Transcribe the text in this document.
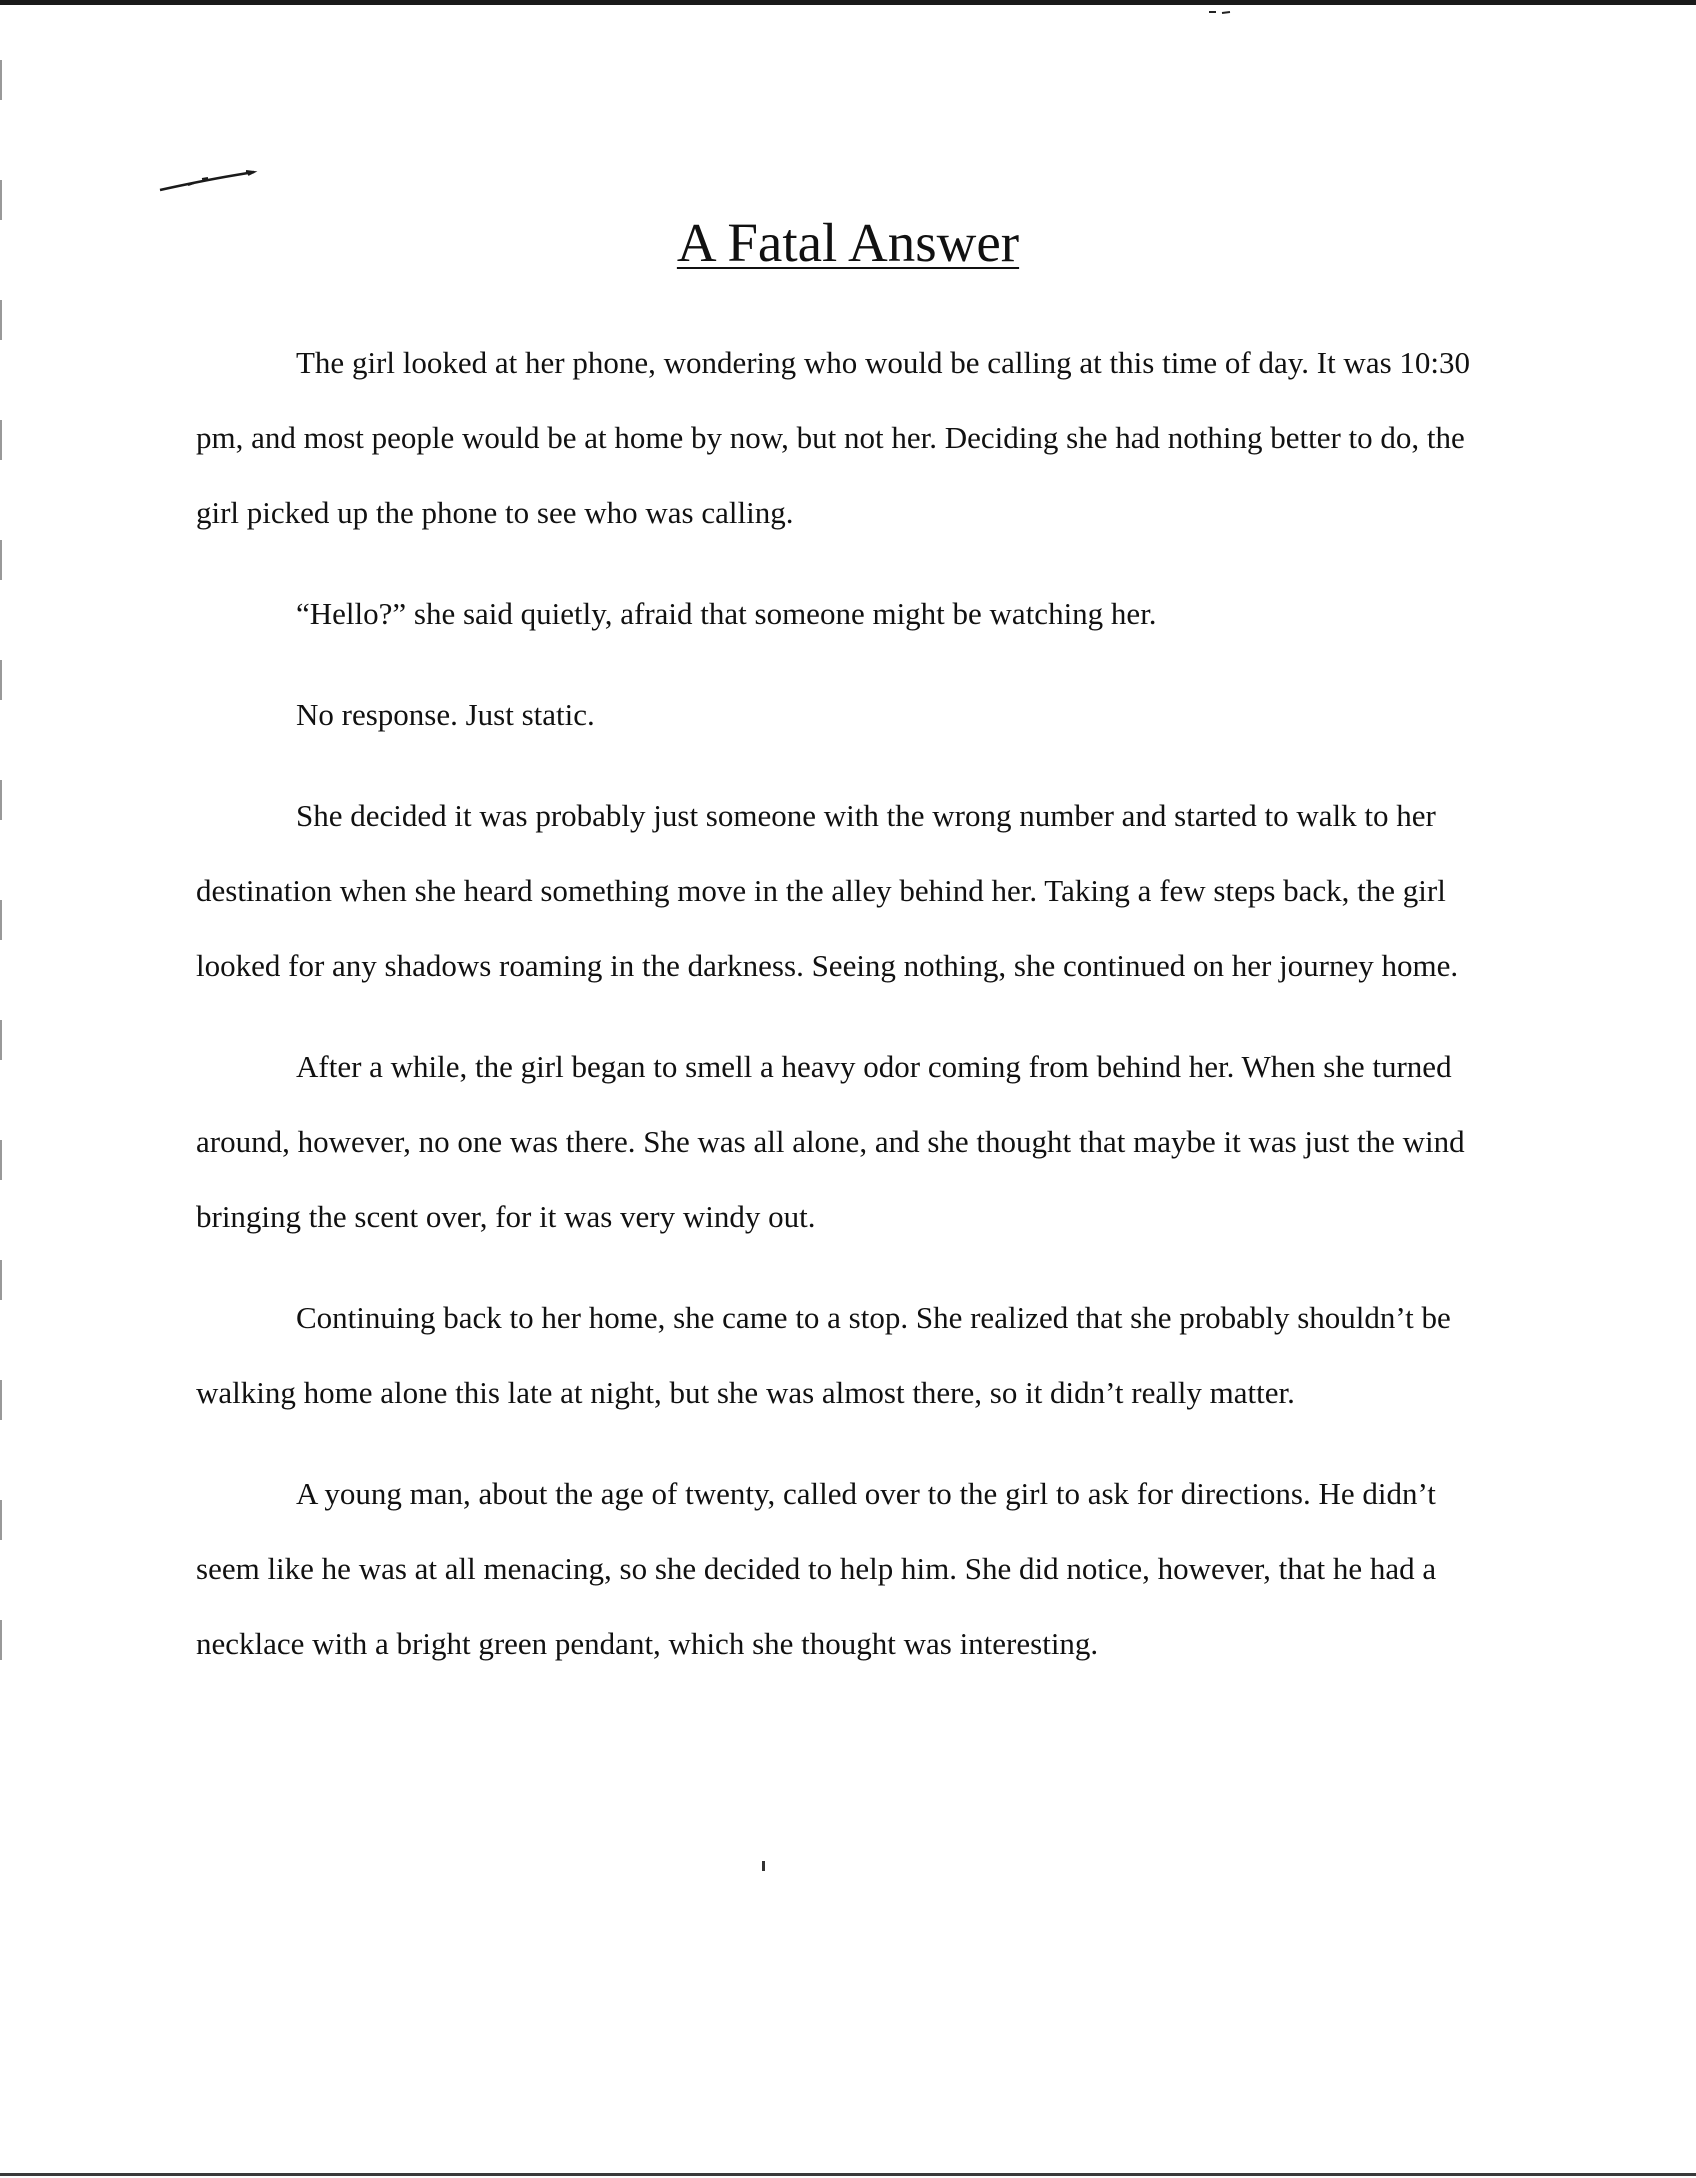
A Fatal Answer

The girl looked at her phone, wondering who would be calling at this time of day. It was 10:30 pm, and most people would be at home by now, but not her. Deciding she had nothing better to do, the girl picked up the phone to see who was calling.

“Hello?” she said quietly, afraid that someone might be watching her.

No response. Just static.

She decided it was probably just someone with the wrong number and started to walk to her destination when she heard something move in the alley behind her. Taking a few steps back, the girl looked for any shadows roaming in the darkness. Seeing nothing, she continued on her journey home.

After a while, the girl began to smell a heavy odor coming from behind her. When she turned around, however, no one was there. She was all alone, and she thought that maybe it was just the wind bringing the scent over, for it was very windy out.

Continuing back to her home, she came to a stop. She realized that she probably shouldn’t be walking home alone this late at night, but she was almost there, so it didn’t really matter.

A young man, about the age of twenty, called over to the girl to ask for directions. He didn’t seem like he was at all menacing, so she decided to help him. She did notice, however, that he had a necklace with a bright green pendant, which she thought was interesting.
